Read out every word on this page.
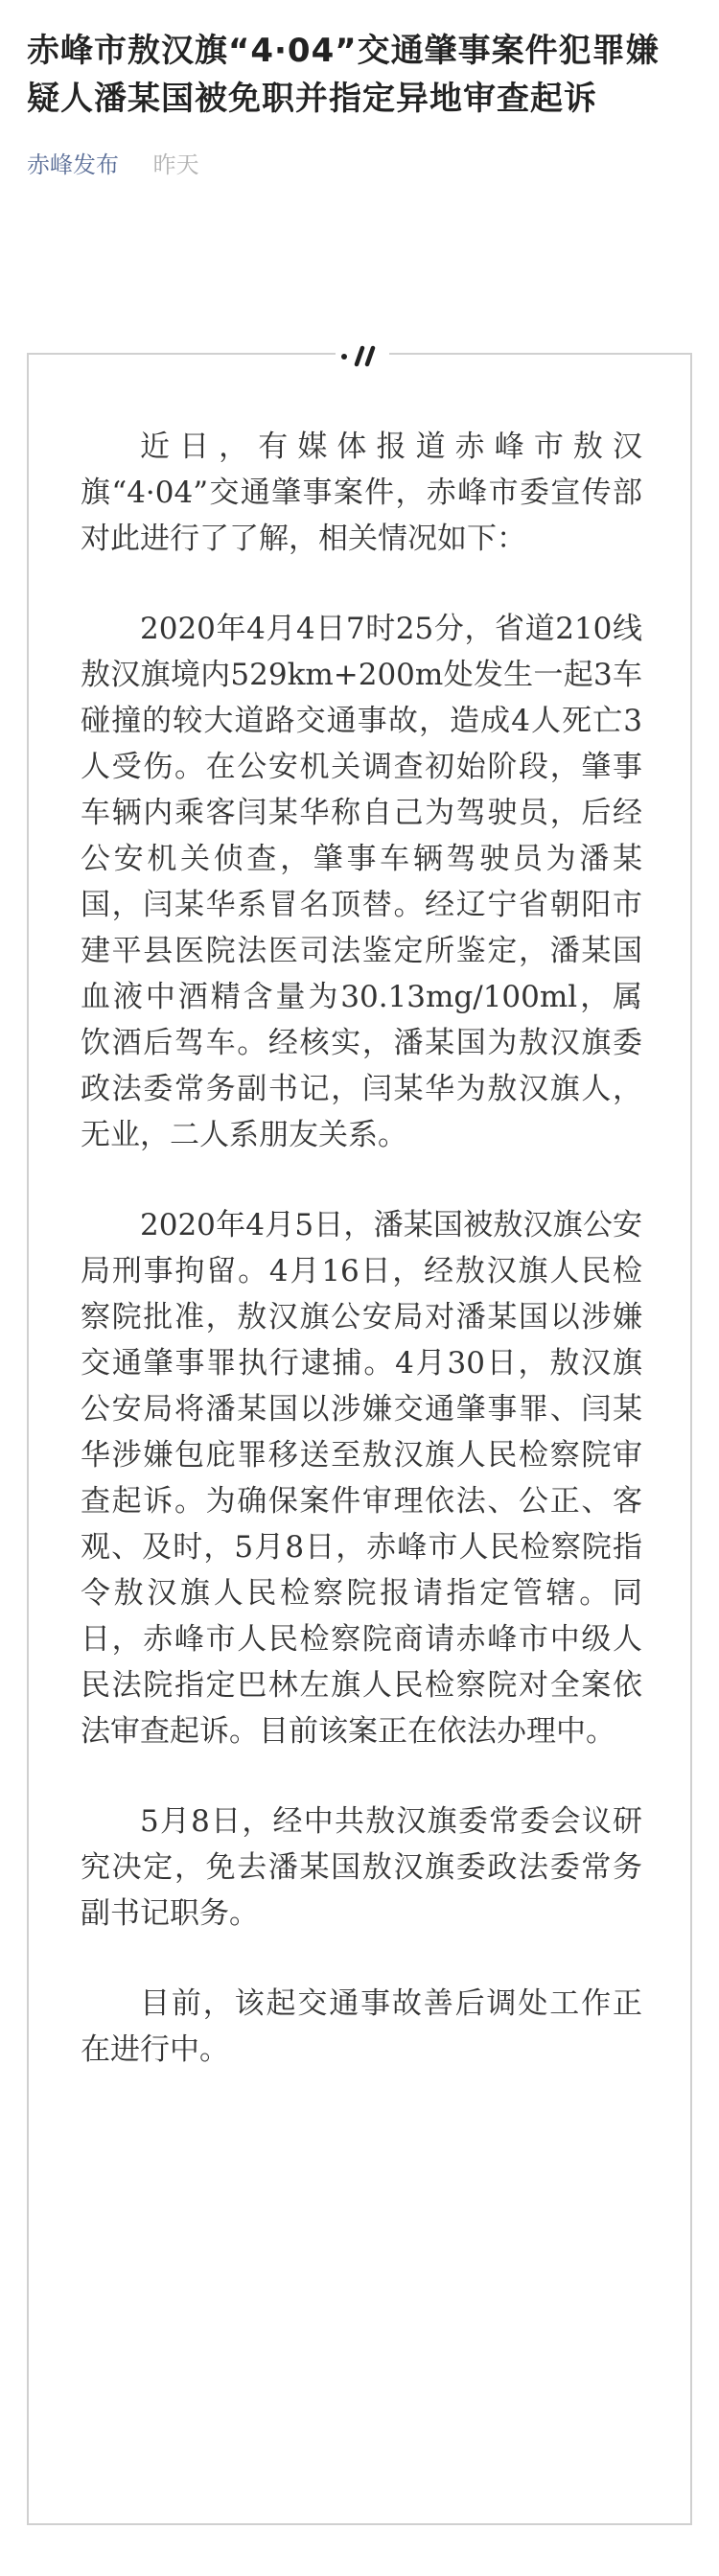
赤峰市敖汉旗“4·04”交通肇事案件犯罪嫌疑人潘某国被免职并指定异地审查起诉
赤峰发布 昨天

近日，有媒体报道赤峰市敖汉旗“4·04”交通肇事案件，赤峰市委宣传部对此进行了了解，相关情况如下：

2020年4月4日7时25分，省道210线敖汉旗境内529km+200m处发生一起3车碰撞的较大道路交通事故，造成4人死亡3人受伤。在公安机关调查初始阶段，肇事车辆内乘客闫某华称自己为驾驶员，后经公安机关侦查，肇事车辆驾驶员为潘某国，闫某华系冒名顶替。经辽宁省朝阳市建平县医院法医司法鉴定所鉴定，潘某国血液中酒精含量为30.13mg/100ml，属饮酒后驾车。经核实，潘某国为敖汉旗委政法委常务副书记，闫某华为敖汉旗人，无业，二人系朋友关系。

2020年4月5日，潘某国被敖汉旗公安局刑事拘留。4月16日，经敖汉旗人民检察院批准，敖汉旗公安局对潘某国以涉嫌交通肇事罪执行逮捕。4月30日，敖汉旗公安局将潘某国以涉嫌交通肇事罪、闫某华涉嫌包庇罪移送至敖汉旗人民检察院审查起诉。为确保案件审理依法、公正、客观、及时，5月8日，赤峰市人民检察院指令敖汉旗人民检察院报请指定管辖。同日，赤峰市人民检察院商请赤峰市中级人民法院指定巴林左旗人民检察院对全案依法审查起诉。目前该案正在依法办理中。

5月8日，经中共敖汉旗委常委会议研究决定，免去潘某国敖汉旗委政法委常务副书记职务。

目前，该起交通事故善后调处工作正在进行中。
